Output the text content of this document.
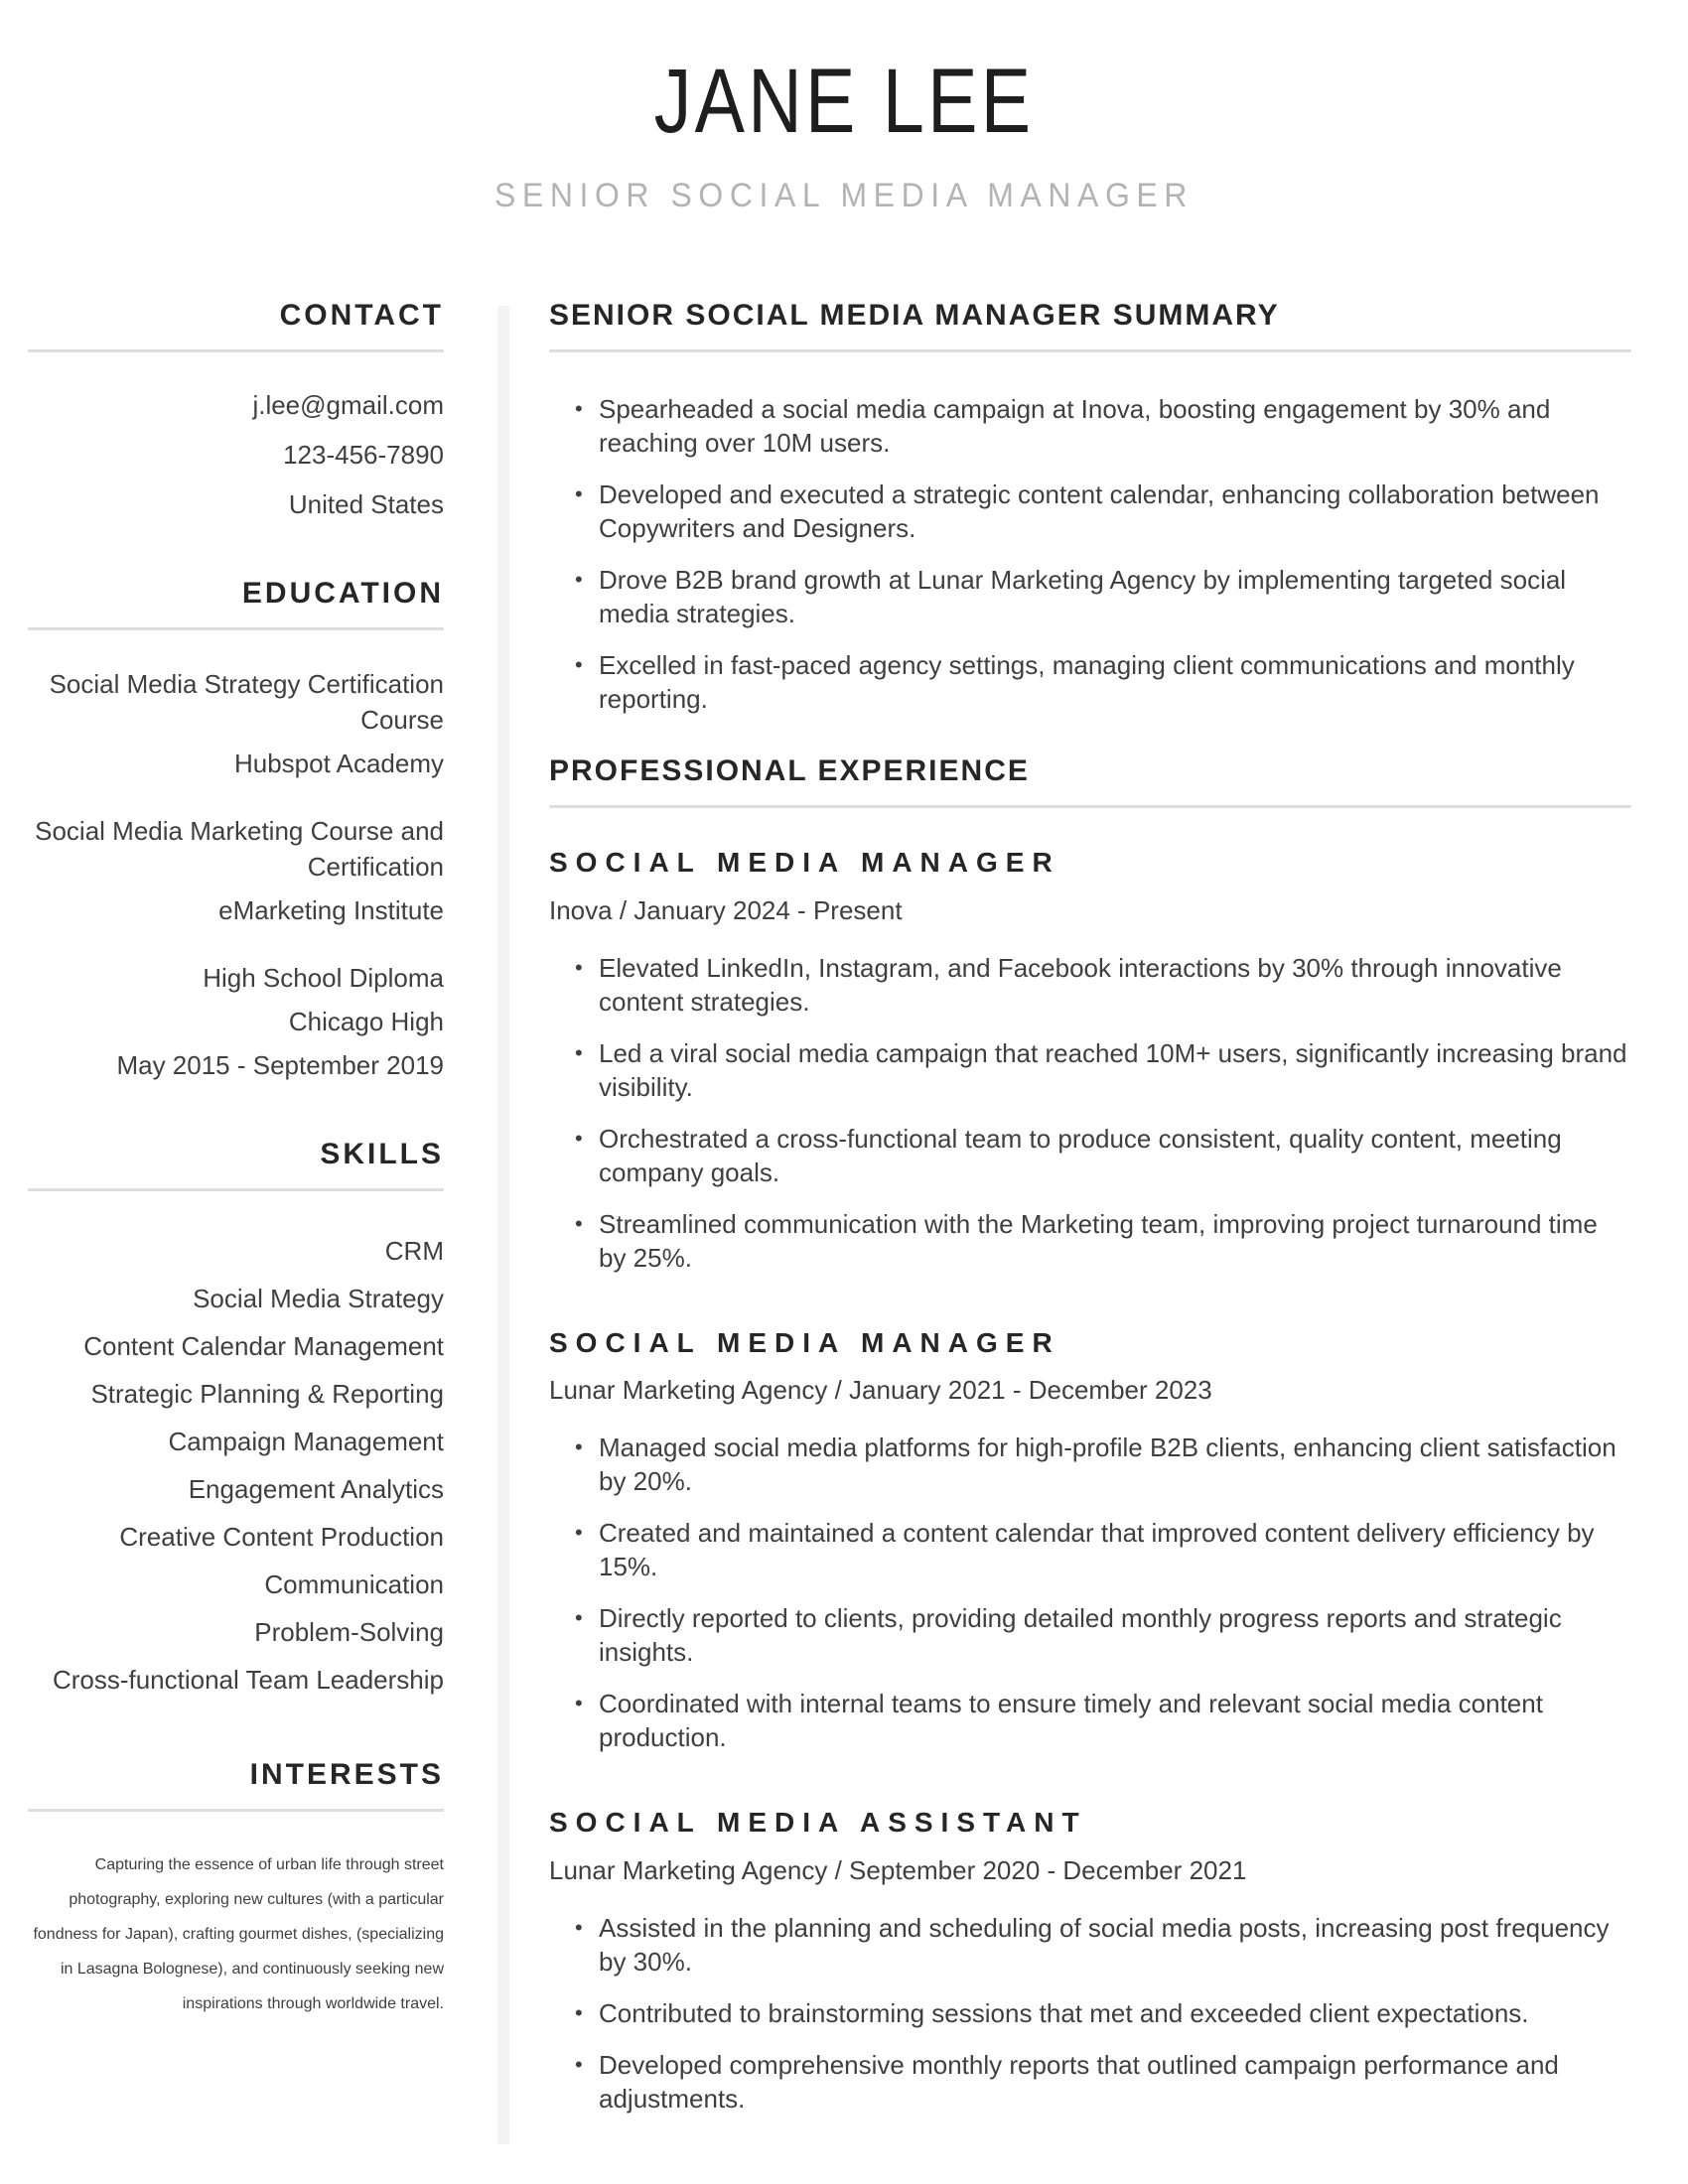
JANE LEE
SENIOR SOCIAL MEDIA MANAGER
CONTACT
j.lee@gmail.com
123-456-7890
United States
EDUCATION
Social Media Strategy Certification Course
Hubspot Academy
Social Media Marketing Course and Certification
eMarketing Institute
High School Diploma
Chicago High
May 2015 - September 2019
SKILLS
CRM
Social Media Strategy
Content Calendar Management
Strategic Planning & Reporting
Campaign Management
Engagement Analytics
Creative Content Production
Communication
Problem-Solving
Cross-functional Team Leadership
INTERESTS

Capturing the essence of urban life through street photography, exploring new cultures (with a particular fondness for Japan), crafting gourmet dishes, (specializing in Lasagna Bolognese), and continuously seeking new inspirations through worldwide travel.

SENIOR SOCIAL MEDIA MANAGER SUMMARY
• Spearheaded a social media campaign at Inova, boosting engagement by 30% and reaching over 10M users.
• Developed and executed a strategic content calendar, enhancing collaboration between Copywriters and Designers.
• Drove B2B brand growth at Lunar Marketing Agency by implementing targeted social media strategies.
• Excelled in fast-paced agency settings, managing client communications and monthly reporting.
PROFESSIONAL EXPERIENCE
SOCIAL MEDIA MANAGER
Inova / January 2024 - Present
• Elevated LinkedIn, Instagram, and Facebook interactions by 30% through innovative content strategies.
• Led a viral social media campaign that reached 10M+ users, significantly increasing brand visibility.
• Orchestrated a cross-functional team to produce consistent, quality content, meeting company goals.
• Streamlined communication with the Marketing team, improving project turnaround time by 25%.
SOCIAL MEDIA MANAGER
Lunar Marketing Agency / January 2021 - December 2023
• Managed social media platforms for high-profile B2B clients, enhancing client satisfaction by 20%.
• Created and maintained a content calendar that improved content delivery efficiency by 15%.
• Directly reported to clients, providing detailed monthly progress reports and strategic insights.
• Coordinated with internal teams to ensure timely and relevant social media content production.
SOCIAL MEDIA ASSISTANT
Lunar Marketing Agency / September 2020 - December 2021
• Assisted in the planning and scheduling of social media posts, increasing post frequency by 30%.
• Contributed to brainstorming sessions that met and exceeded client expectations.
• Developed comprehensive monthly reports that outlined campaign performance and adjustments.
